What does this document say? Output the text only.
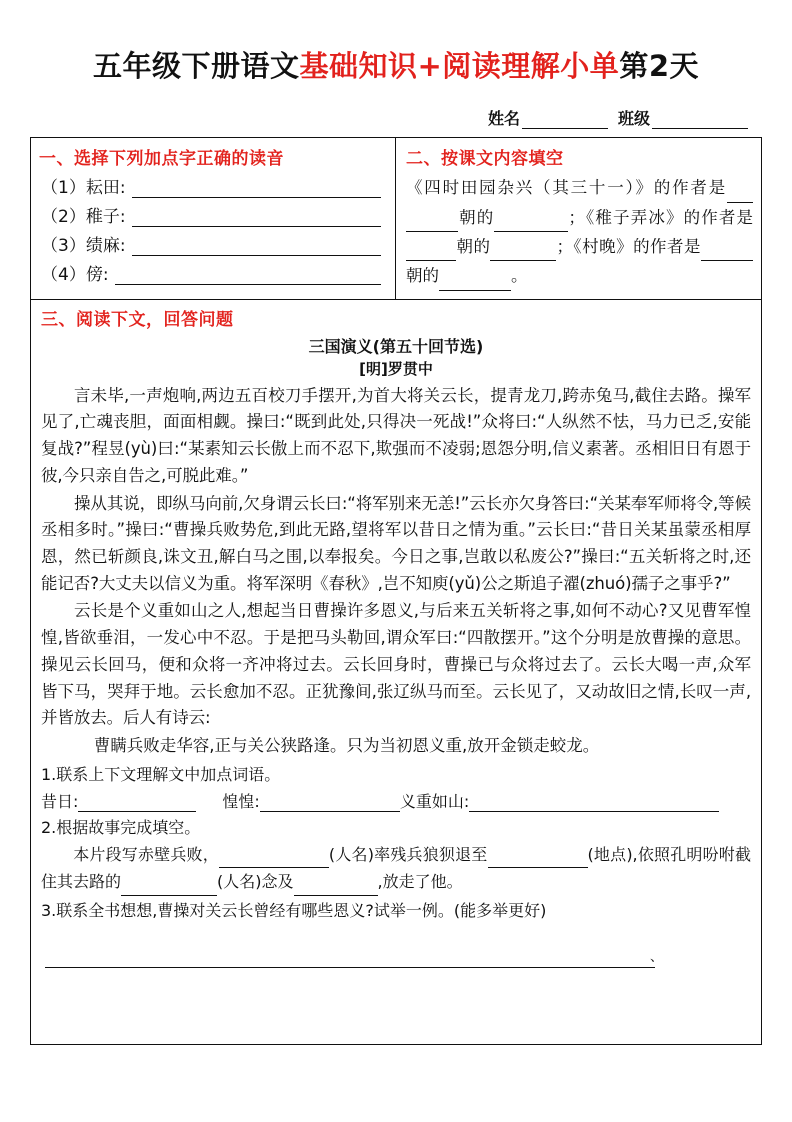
五年级下册语文基础知识+阅读理解小单第2天
姓名	班级
一、选择下列加点字正确的读音
（1）耘田:
（2）稚子:
（3）绩麻:
（4）傍:
二、按课文内容填空
《四时田园杂兴（其三十一）》的作者是朝的	；《稚子弄冰》的作者是朝的	；《村晚》的作者是朝的	。
三、阅读下文，回答问题
三国演义(第五十回节选)
[明]罗贯中
言未毕,一声炮响,两边五百校刀手摆开,为首大将关云长，提青龙刀,跨赤兔马,截住去路。操军见了,亡魂丧胆，面面相觑。操曰:“既到此处,只得决一死战!”众将曰:“人纵然不怯，马力已乏,安能复战?”程昱(yù)曰:“某素知云长傲上而不忍下,欺强而不凌弱;恩怨分明,信义素著。丞相旧日有恩于彼,今只亲自告之,可脱此难。”
操从其说，即纵马向前,欠身谓云长曰:“将军别来无恙!”云长亦欠身答曰:“关某奉军师将令,等候丞相多时。”操曰:“曹操兵败势危,到此无路,望将军以昔日之情为重。”云长曰:“昔日关某虽蒙丞相厚恩，然已斩颜良,诛文丑,解白马之围,以奉报矣。今日之事,岂敢以私废公?”操曰:“五关斩将之时,还能记否?大丈夫以信义为重。将军深明《春秋》,岂不知庾(yǔ)公之斯追子濯(zhuó)孺子之事乎?”
云长是个义重如山之人,想起当日曹操许多恩义,与后来五关斩将之事,如何不动心?又见曹军惶惶,皆欲垂泪，一发心中不忍。于是把马头勒回,谓众军曰:“四散摆开。”这个分明是放曹操的意思。操见云长回马，便和众将一齐冲将过去。云长回身时，曹操已与众将过去了。云长大喝一声,众军皆下马，哭拜于地。云长愈加不忍。正犹豫间,张辽纵马而至。云长见了，又动故旧之情,长叹一声,并皆放去。后人有诗云:
曹瞒兵败走华容,正与关公狭路逢。只为当初恩义重,放开金锁走蛟龙。
1.联系上下文理解文中加点词语。
昔日:	惶惶:	义重如山:
2.根据故事完成填空。
本片段写赤壁兵败，	(人名)率残兵狼狈退至	(地点),依照孔明吩咐截住其去路的	(人名)念及	,放走了他。
3.联系全书想想,曹操对关云长曾经有哪些恩义?试举一例。(能多举更好)
、
